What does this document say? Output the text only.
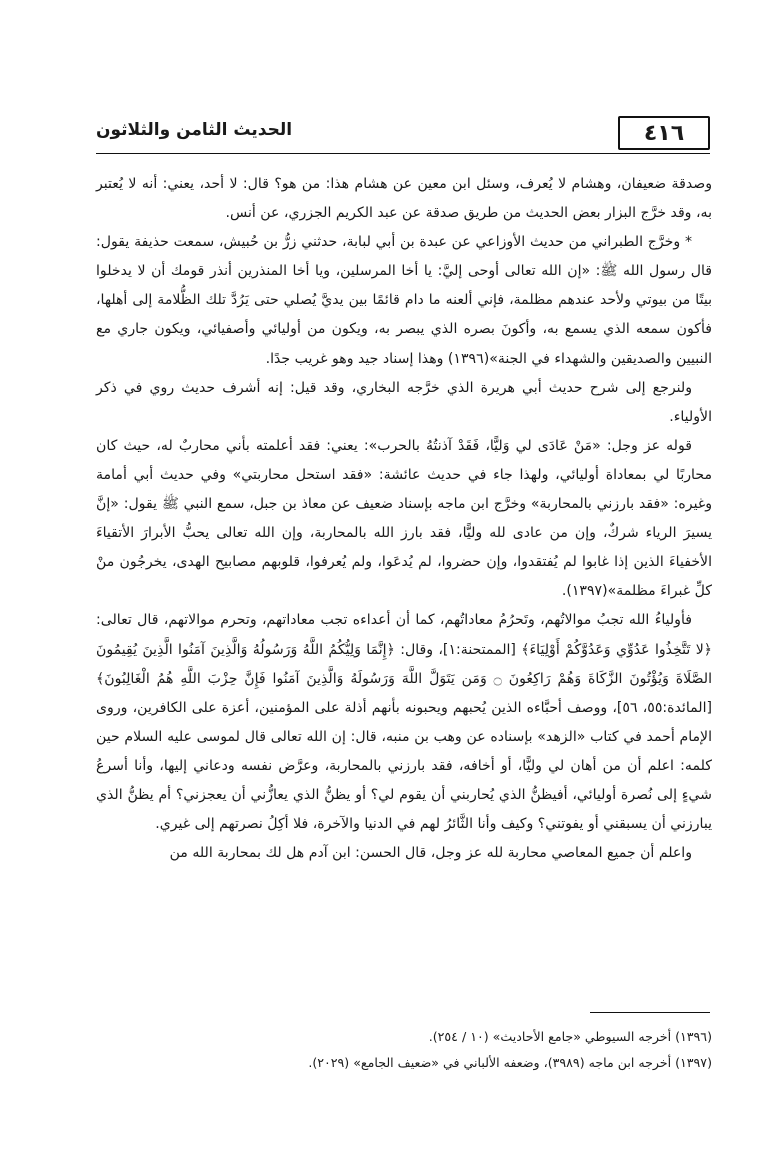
٤١٦
الحديث الثامن والثلاثون

وصدقة ضعيفان، وهشام لا يُعرف، وسئل ابن معين عن هشام هذا: من هو؟ قال: لا أحد، يعني: أنه لا يُعتبر به، وقد خرَّج البزار بعض الحديث من طريق صدقة عن عبد الكريم الجزري، عن أنس.

* وخرَّج الطبراني من حديث الأوزاعي عن عبدة بن أبي لبابة، حدثني زرُّ بن حُبيش، سمعت حذيفة يقول: قال رسول الله ﷺ: «إن الله تعالى أوحى إليَّ: يا أخا المرسلين، ويا أخا المنذرين أنذر قومك أن لا يدخلوا بيتًا من بيوتي ولأحد عندهم مظلمة، فإني ألعنه ما دام قائمًا بين يديَّ يُصلي حتى يَرُدَّ تلك الظُّلامة إلى أهلها، فأكون سمعه الذي يسمع به، وأكونَ بصره الذي يبصر به، ويكون من أوليائي وأصفيائي، ويكون جاري مع النبيين والصديقين والشهداء في الجنة»(١٣٩٦) وهذا إسناد جيد وهو غريب جدًا.

ولنرجع إلى شرح حديث أبي هريرة الذي خرَّجه البخاري، وقد قيل: إنه أشرف حديث روي في ذكر الأولياء.

قوله عز وجل: «مَنْ عَادَى لي وَليًّا، فَقَدْ آذنتُهُ بالحرب»: يعني: فقد أعلمته بأني محاربٌ له، حيث كان محاربًا لي بمعاداة أوليائي، ولهذا جاء في حديث عائشة: «فقد استحل محاربتي» وفي حديث أبي أمامة وغيره: «فقد بارزني بالمحاربة» وخرَّج ابن ماجه بإسناد ضعيف عن معاذ بن جبل، سمع النبي ﷺ يقول: «إنَّ يسيرَ الرياء شركٌ، وإن من عادى لله وليًّا، فقد بارز الله بالمحاربة، وإن الله تعالى يحبُّ الأبرارَ الأتقياءَ الأخفياءَ الذين إذا غابوا لم يُفتقدوا، وإن حضروا، لم يُدعَوا، ولم يُعرفوا، قلوبهم مصابيح الهدى، يخرجُون منْ كلِّ غبراءَ مظلمة»(١٣٩٧).

فأولياءُ الله تجبُ موالاتُهم، وتَحرُمُ معاداتُهم، كما أن أعداءه تجب معاداتهم، وتحرم موالاتهم، قال تعالى: ﴿لا تَتَّخِذُوا عَدُوِّي وَعَدُوَّكُمْ أَوْلِيَاءَ﴾ [الممتحنة:١]، وقال: ﴿إِنَّمَا وَلِيُّكُمُ اللَّهُ وَرَسُولُهُ وَالَّذِينَ آمَنُوا الَّذِينَ يُقِيمُونَ الصَّلَاةَ وَيُؤْتُونَ الزَّكَاةَ وَهُمْ رَاكِعُونَ ۝ وَمَن يَتَوَلَّ اللَّهَ وَرَسُولَهُ وَالَّذِينَ آمَنُوا فَإِنَّ حِزْبَ اللَّهِ هُمُ الْغَالِبُونَ﴾ [المائدة:٥٥، ٥٦]، ووصف أحبَّاءه الذين يُحبهم ويحبونه بأنهم أذلة على المؤمنين، أعزة على الكافرين، وروى الإمام أحمد في كتاب «الزهد» بإسناده عن وهب بن منبه، قال: إن الله تعالى قال لموسى عليه السلام حين كلمه: اعلم أن من أهان لي وليًّا، أو أخافه، فقد بارزني بالمحاربة، وعرَّض نفسه ودعاني إليها، وأنا أسرعُ شيءٍ إلى نُصرة أوليائي، أفيظنُّ الذي يُحاربني أن يقوم لي؟ أو يظنُّ الذي يعازُّني أن يعجزني؟ أم يظنُّ الذي يبارزني أن يسبقني أو يفوتني؟ وكيف وأنا الثَّائرُ لهم في الدنيا والآخرة، فلا أكِلُ نصرتهم إلى غيري.

واعلم أن جميع المعاصي محاربة لله عز وجل، قال الحسن: ابن آدم هل لك بمحاربة الله من

(١٣٩٦) أخرجه السيوطي «جامع الأحاديث» (١٠ / ٢٥٤).

(١٣٩٧) أخرجه ابن ماجه (٣٩٨٩)، وضعفه الألباني في «ضعيف الجامع» (٢٠٢٩).
